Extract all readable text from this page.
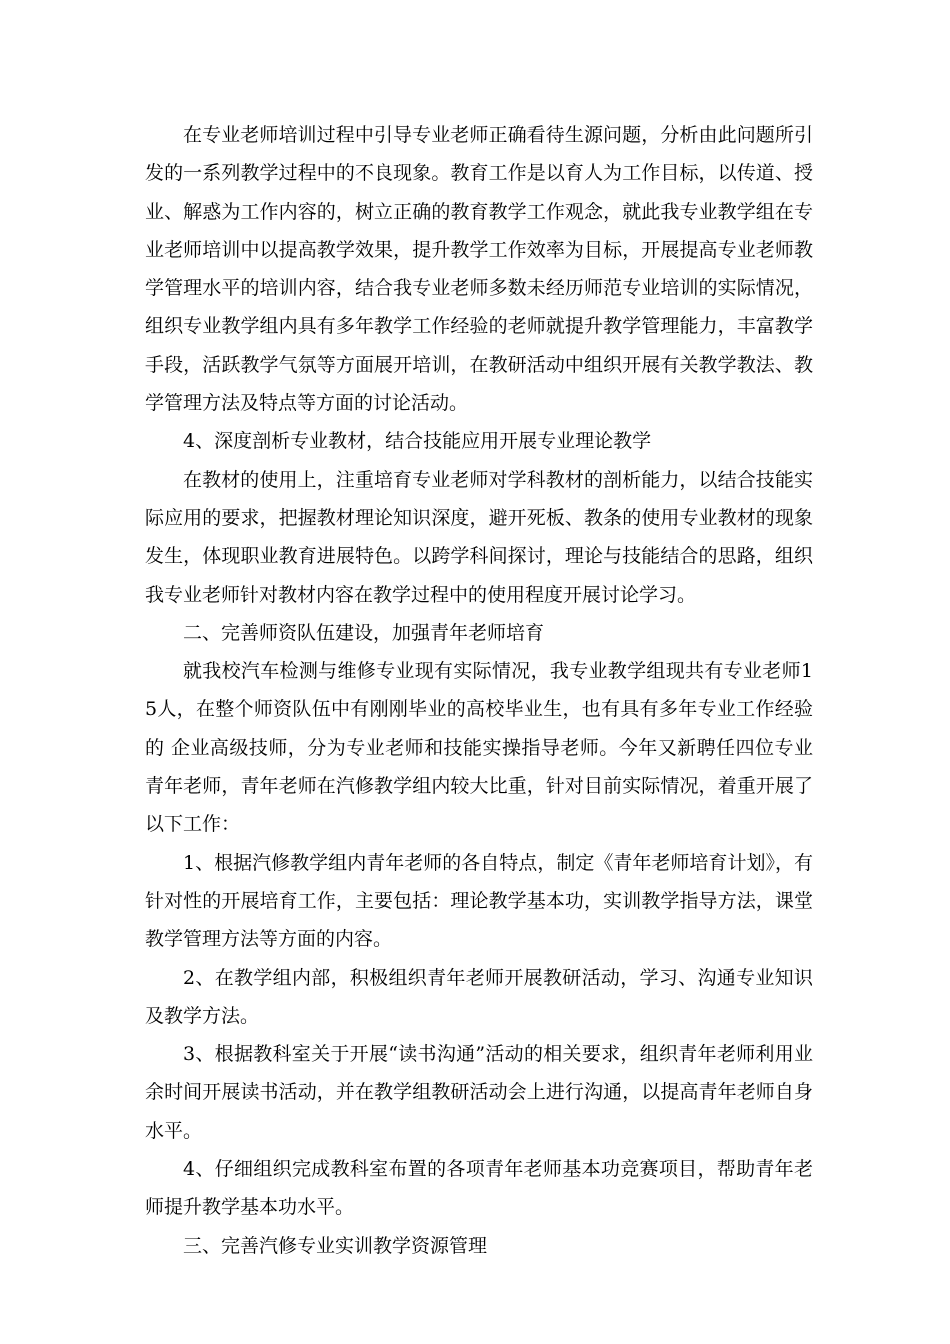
在专业老师培训过程中引导专业老师正确看待生源问题，分析由此问题所引发的一系列教学过程中的不良现象。教育工作是以育人为工作目标，以传道、授业、解惑为工作内容的，树立正确的教育教学工作观念，就此我专业教学组在专业老师培训中以提高教学效果，提升教学工作效率为目标，开展提高专业老师教学管理水平的培训内容，结合我专业老师多数未经历师范专业培训的实际情况，组织专业教学组内具有多年教学工作经验的老师就提升教学管理能力，丰富教学手段，活跃教学气氛等方面展开培训，在教研活动中组织开展有关教学教法、教学管理方法及特点等方面的讨论活动。

4、深度剖析专业教材，结合技能应用开展专业理论教学

在教材的使用上，注重培育专业老师对学科教材的剖析能力，以结合技能实际应用的要求，把握教材理论知识深度，避开死板、教条的使用专业教材的现象发生，体现职业教育进展特色。以跨学科间探讨，理论与技能结合的思路，组织我专业老师针对教材内容在教学过程中的使用程度开展讨论学习。

二、完善师资队伍建设，加强青年老师培育

就我校汽车检测与维修专业现有实际情况，我专业教学组现共有专业老师15人，在整个师资队伍中有刚刚毕业的高校毕业生，也有具有多年专业工作经验的 企业高级技师，分为专业老师和技能实操指导老师。今年又新聘任四位专业青年老师，青年老师在汽修教学组内较大比重，针对目前实际情况，着重开展了以下工作：

1、根据汽修教学组内青年老师的各自特点，制定《青年老师培育计划》，有针对性的开展培育工作，主要包括：理论教学基本功，实训教学指导方法，课堂教学管理方法等方面的内容。

2、在教学组内部，积极组织青年老师开展教研活动，学习、沟通专业知识及教学方法。

3、根据教科室关于开展“读书沟通”活动的相关要求，组织青年老师利用业余时间开展读书活动，并在教学组教研活动会上进行沟通，以提高青年老师自身水平。

4、仔细组织完成教科室布置的各项青年老师基本功竞赛项目，帮助青年老师提升教学基本功水平。

三、完善汽修专业实训教学资源管理
